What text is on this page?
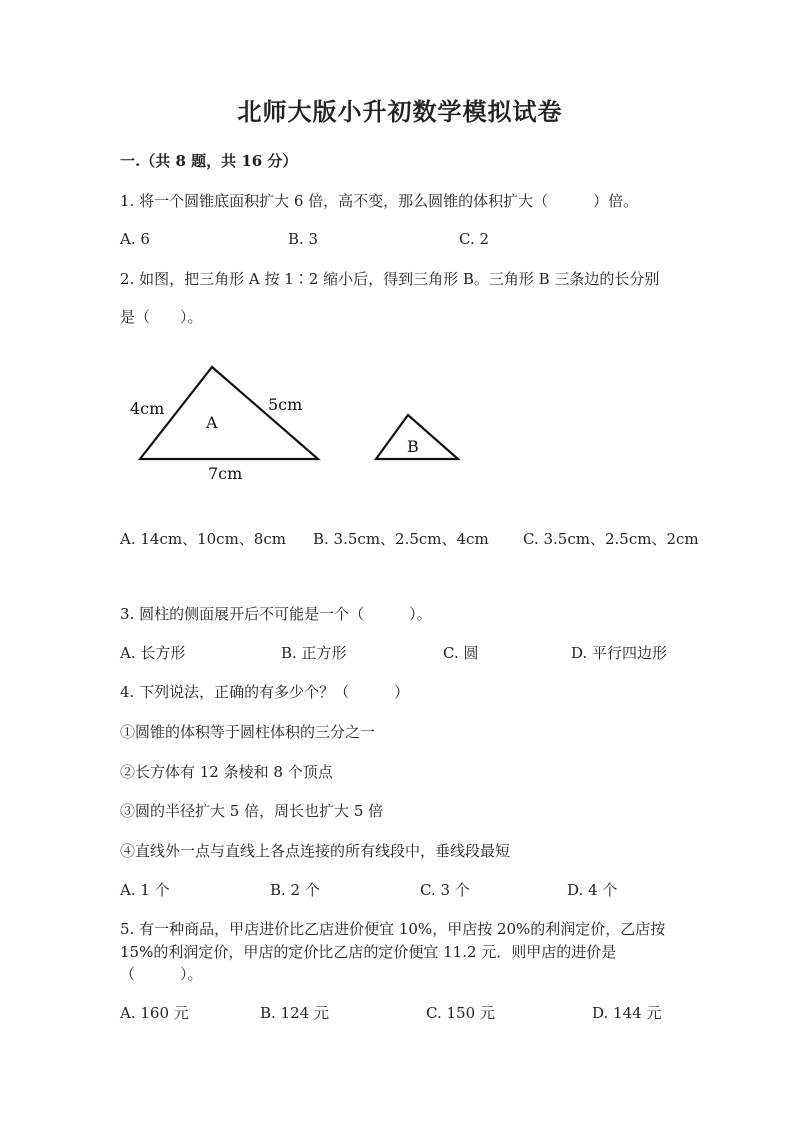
北师大版小升初数学模拟试卷
一.（共 8 题，共 16 分）
1. 将一个圆锥底面积扩大 6 倍，高不变，那么圆锥的体积扩大（　　　）倍。
A. 6	B. 3	C. 2
2. 如图，把三角形 A 按 1∶2 缩小后，得到三角形 B。三角形 B 三条边的长分别
是（　　）。
4cm	5cm
7cm
A
B
A. 14cm、10cm、8cm B. 3.5cm、2.5cm、4cm C. 3.5cm、2.5cm、2cm
3. 圆柱的侧面展开后不可能是一个（　　　）。
A. 长方形	B. 正方形	C. 圆	D. 平行四边形
4. 下列说法，正确的有多少个？（　　　）
①圆锥的体积等于圆柱体积的三分之一
②长方体有 12 条棱和 8 个顶点
③圆的半径扩大 5 倍，周长也扩大 5 倍
④直线外一点与直线上各点连接的所有线段中，垂线段最短
A. 1 个	B. 2 个	C. 3 个	D. 4 个
5. 有一种商品，甲店进价比乙店进价便宜 10%，甲店按 20%的利润定价，乙店按
15%的利润定价，甲店的定价比乙店的定价便宜 11.2 元．则甲店的进价是
（　　　）。
A. 160 元	B. 124 元	C. 150 元	D. 144 元
